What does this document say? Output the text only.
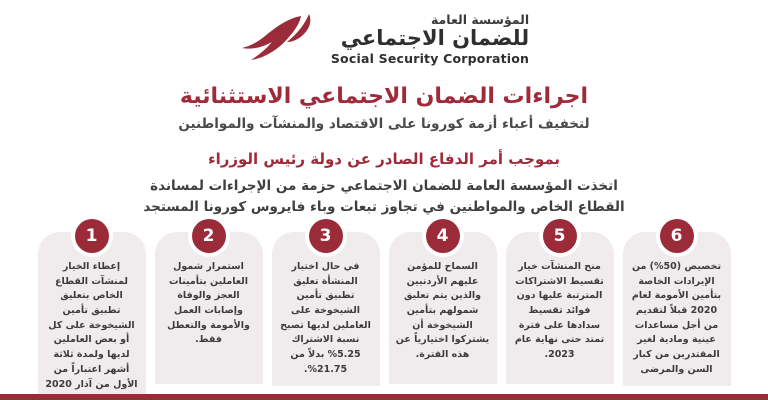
المؤسسة العامة
للضمان الاجتماعي
Social Security Corporation
اجراءات الضمان الاجتماعي الاستثنائية
لتخفيف أعباء أزمة كورونا على الاقتصاد والمنشآت والمواطنين
بموجب أمر الدفاع الصادر عن دولة رئيس الوزراء
اتخذت المؤسسة العامة للضمان الاجتماعي حزمة من الإجراءات لمساندة
القطاع الخاص والمواطنين في تجاوز تبعات وباء فايروس كورونا المستجد
1
إعطاء الخيار لمنشآت القطاع الخاص بتعليق تطبيق تأمين الشيخوخة على كل أو بعض العاملين لديها ولمدة ثلاثة أشهر اعتباراً من الأول من آذار 2020
2
استمرار شمول العاملين بتأمينات العجز والوفاة وإصابات العمل والأمومة والتعطل فقط.
3
في حال اختيار المنشأة تعليق تطبيق تأمين الشيخوخة على العاملين لديها تصبح نسبة الاشتراك 5.25% بدلاً من 21.75%.
4
السماح للمؤمن عليهم الأردنيين والذين يتم تعليق شمولهم بتأمين الشيخوخة أن يشتركوا اختيارياً عن هذه الفترة.
5
منح المنشآت خيار تقسيط الاشتراكات المترتبة عليها دون فوائد تقسيط سدادها على فترة تمتد حتى نهاية عام 2023.
6
تخصيص (50%) من الإيرادات الخاصة بتأمين الأمومة لعام 2020 قبلاً لتقديم من أجل مساعدات عينية ومادية لغير المقتدرين من كبار السن والمرضى
